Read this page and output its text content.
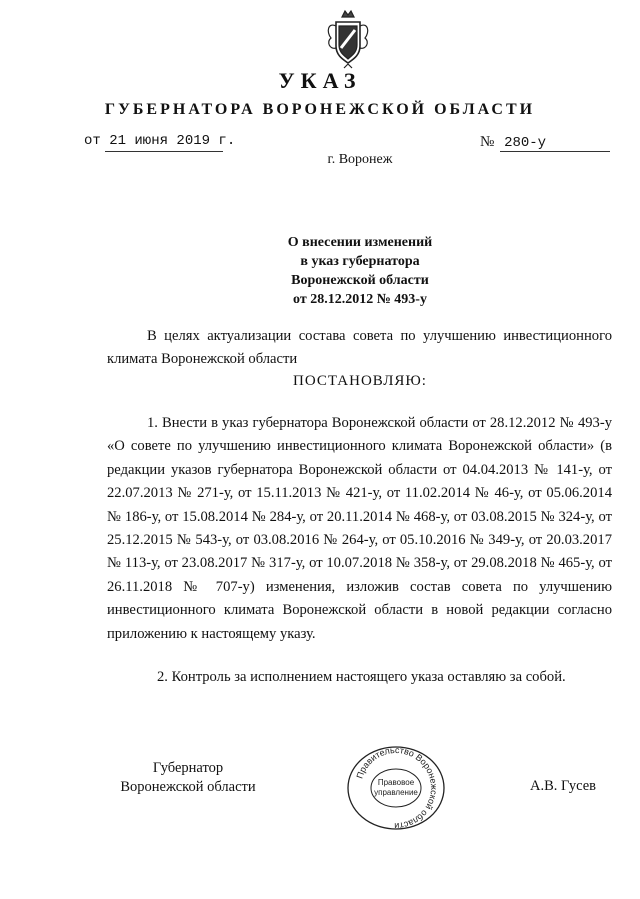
УКАЗ
ГУБЕРНАТОРА ВОРОНЕЖСКОЙ ОБЛАСТИ
от 21 июня 2019 г.	№ 280-у
г. Воронеж
О внесении изменений
в указ губернатора
Воронежской области
от 28.12.2012 № 493-у
В целях актуализации состава совета по улучшению инвестиционного климата Воронежской области
ПОСТАНОВЛЯЮ:
1. Внести в указ губернатора Воронежской области от 28.12.2012 № 493-у «О совете по улучшению инвестиционного климата Воронежской области» (в редакции указов губернатора Воронежской области от 04.04.2013 № 141-у, от 22.07.2013 № 271-у, от 15.11.2013 № 421-у, от 11.02.2014 № 46-у, от 05.06.2014 № 186-у, от 15.08.2014 № 284-у, от 20.11.2014 № 468-у, от 03.08.2015 № 324-у, от 25.12.2015 № 543-у, от 03.08.2016 № 264-у, от 05.10.2016 № 349-у, от 20.03.2017 № 113-у, от 23.08.2017 № 317-у, от 10.07.2018 № 358-у, от 29.08.2018 № 465-у, от 26.11.2018 № 707-у) изменения, изложив состав совета по улучшению инвестиционного климата Воронежской области в новой редакции согласно приложению к настоящему указу.
2. Контроль за исполнением настоящего указа оставляю за собой.
Губернатор
Воронежской области
Правительство Воронежской области
Правовое
управление	А.В. Гусев
